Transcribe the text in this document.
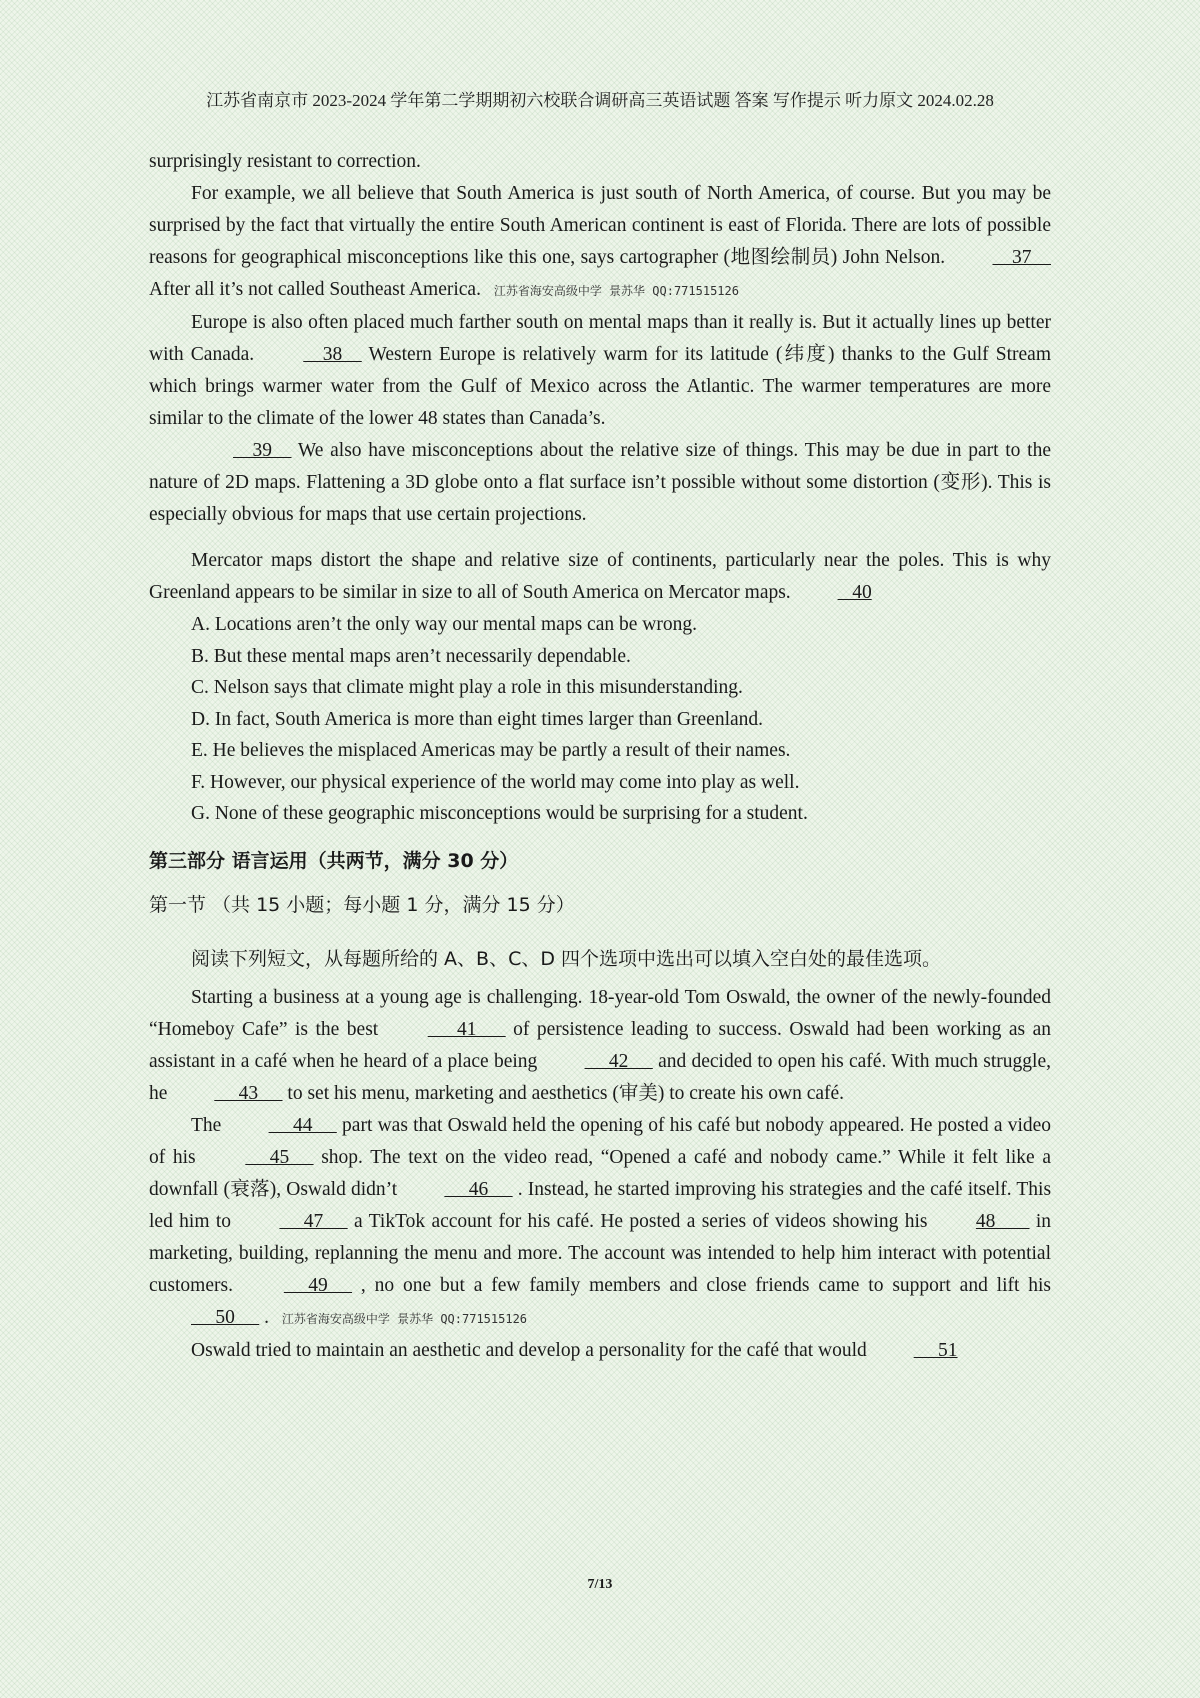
江苏省南京市 2023-2024 学年第二学期期初六校联合调研高三英语试题 答案 写作提示 听力原文 2024.02.28

surprisingly resistant to correction.

For example, we all believe that South America is just south of North America, of course. But you may be surprised by the fact that virtually the entire South American continent is east of Florida. There are lots of possible reasons for geographical misconceptions like this one, says cartographer (地图绘制员) John Nelson.     37     After all it’s not called Southeast America. 江苏省海安高级中学 景苏华 QQ:771515126

Europe is also often placed much farther south on mental maps than it really is. But it actually lines up better with Canada.	38     Western Europe is relatively warm for its latitude (纬度) thanks to the Gulf Stream which brings warmer water from the Gulf of Mexico across the Atlantic. The warmer temperatures are more similar to the climate of the lower 48 states than Canada’s.

39     We also have misconceptions about the relative size of things. This may be due in part to the nature of 2D maps. Flattening a 3D globe onto a flat surface isn’t possible without some distortion (变形). This is especially obvious for maps that use certain projections.

Mercator maps distort the shape and relative size of continents, particularly near the poles. This is why Greenland appears to be similar in size to all of South America on Mercator maps.    40

A. Locations aren’t the only way our mental maps can be wrong.

B. But these mental maps aren’t necessarily dependable.

C. Nelson says that climate might play a role in this misunderstanding.

D. In fact, South America is more than eight times larger than Greenland.

E. He believes the misplaced Americas may be partly a result of their names.

F. However, our physical experience of the world may come into play as well.

G. None of these geographic misconceptions would be surprising for a student.

第三部分 语言运用（共两节，满分 30 分）
第一节 （共 15 小题；每小题 1 分，满分 15 分）
阅读下列短文，从每题所给的 A、B、C、D 四个选项中选出可以填入空白处的最佳选项。

Starting a business at a young age is challenging. 18-year-old Tom Oswald, the owner of the newly-founded “Homeboy Cafe” is the best	41       of persistence leading to success. Oswald had been working as an assistant in a café when he heard of a place being      42      and decided to open his café. With much struggle, he      43      to set his menu, marketing and aesthetics (审美) to create his own café.

The      44      part was that Oswald held the opening of his café but nobody appeared. He posted a video of his	45      shop. The text on the video read, “Opened a café and nobody came.” While it felt like a downfall (衰落), Oswald didn’t      46      . Instead, he started improving his strategies and the café itself. This led him to      47      a TikTok account for his café. He posted a series of videos showing his 48        in marketing, building, replanning the menu and more. The account was intended to help him interact with potential customers.	49      , no one but a few family members and close friends came to support and lift his      50      . 江苏省海安高级中学 景苏华 QQ:771515126

Oswald tried to maintain an aesthetic and develop a personality for the café that would      51

7/13
